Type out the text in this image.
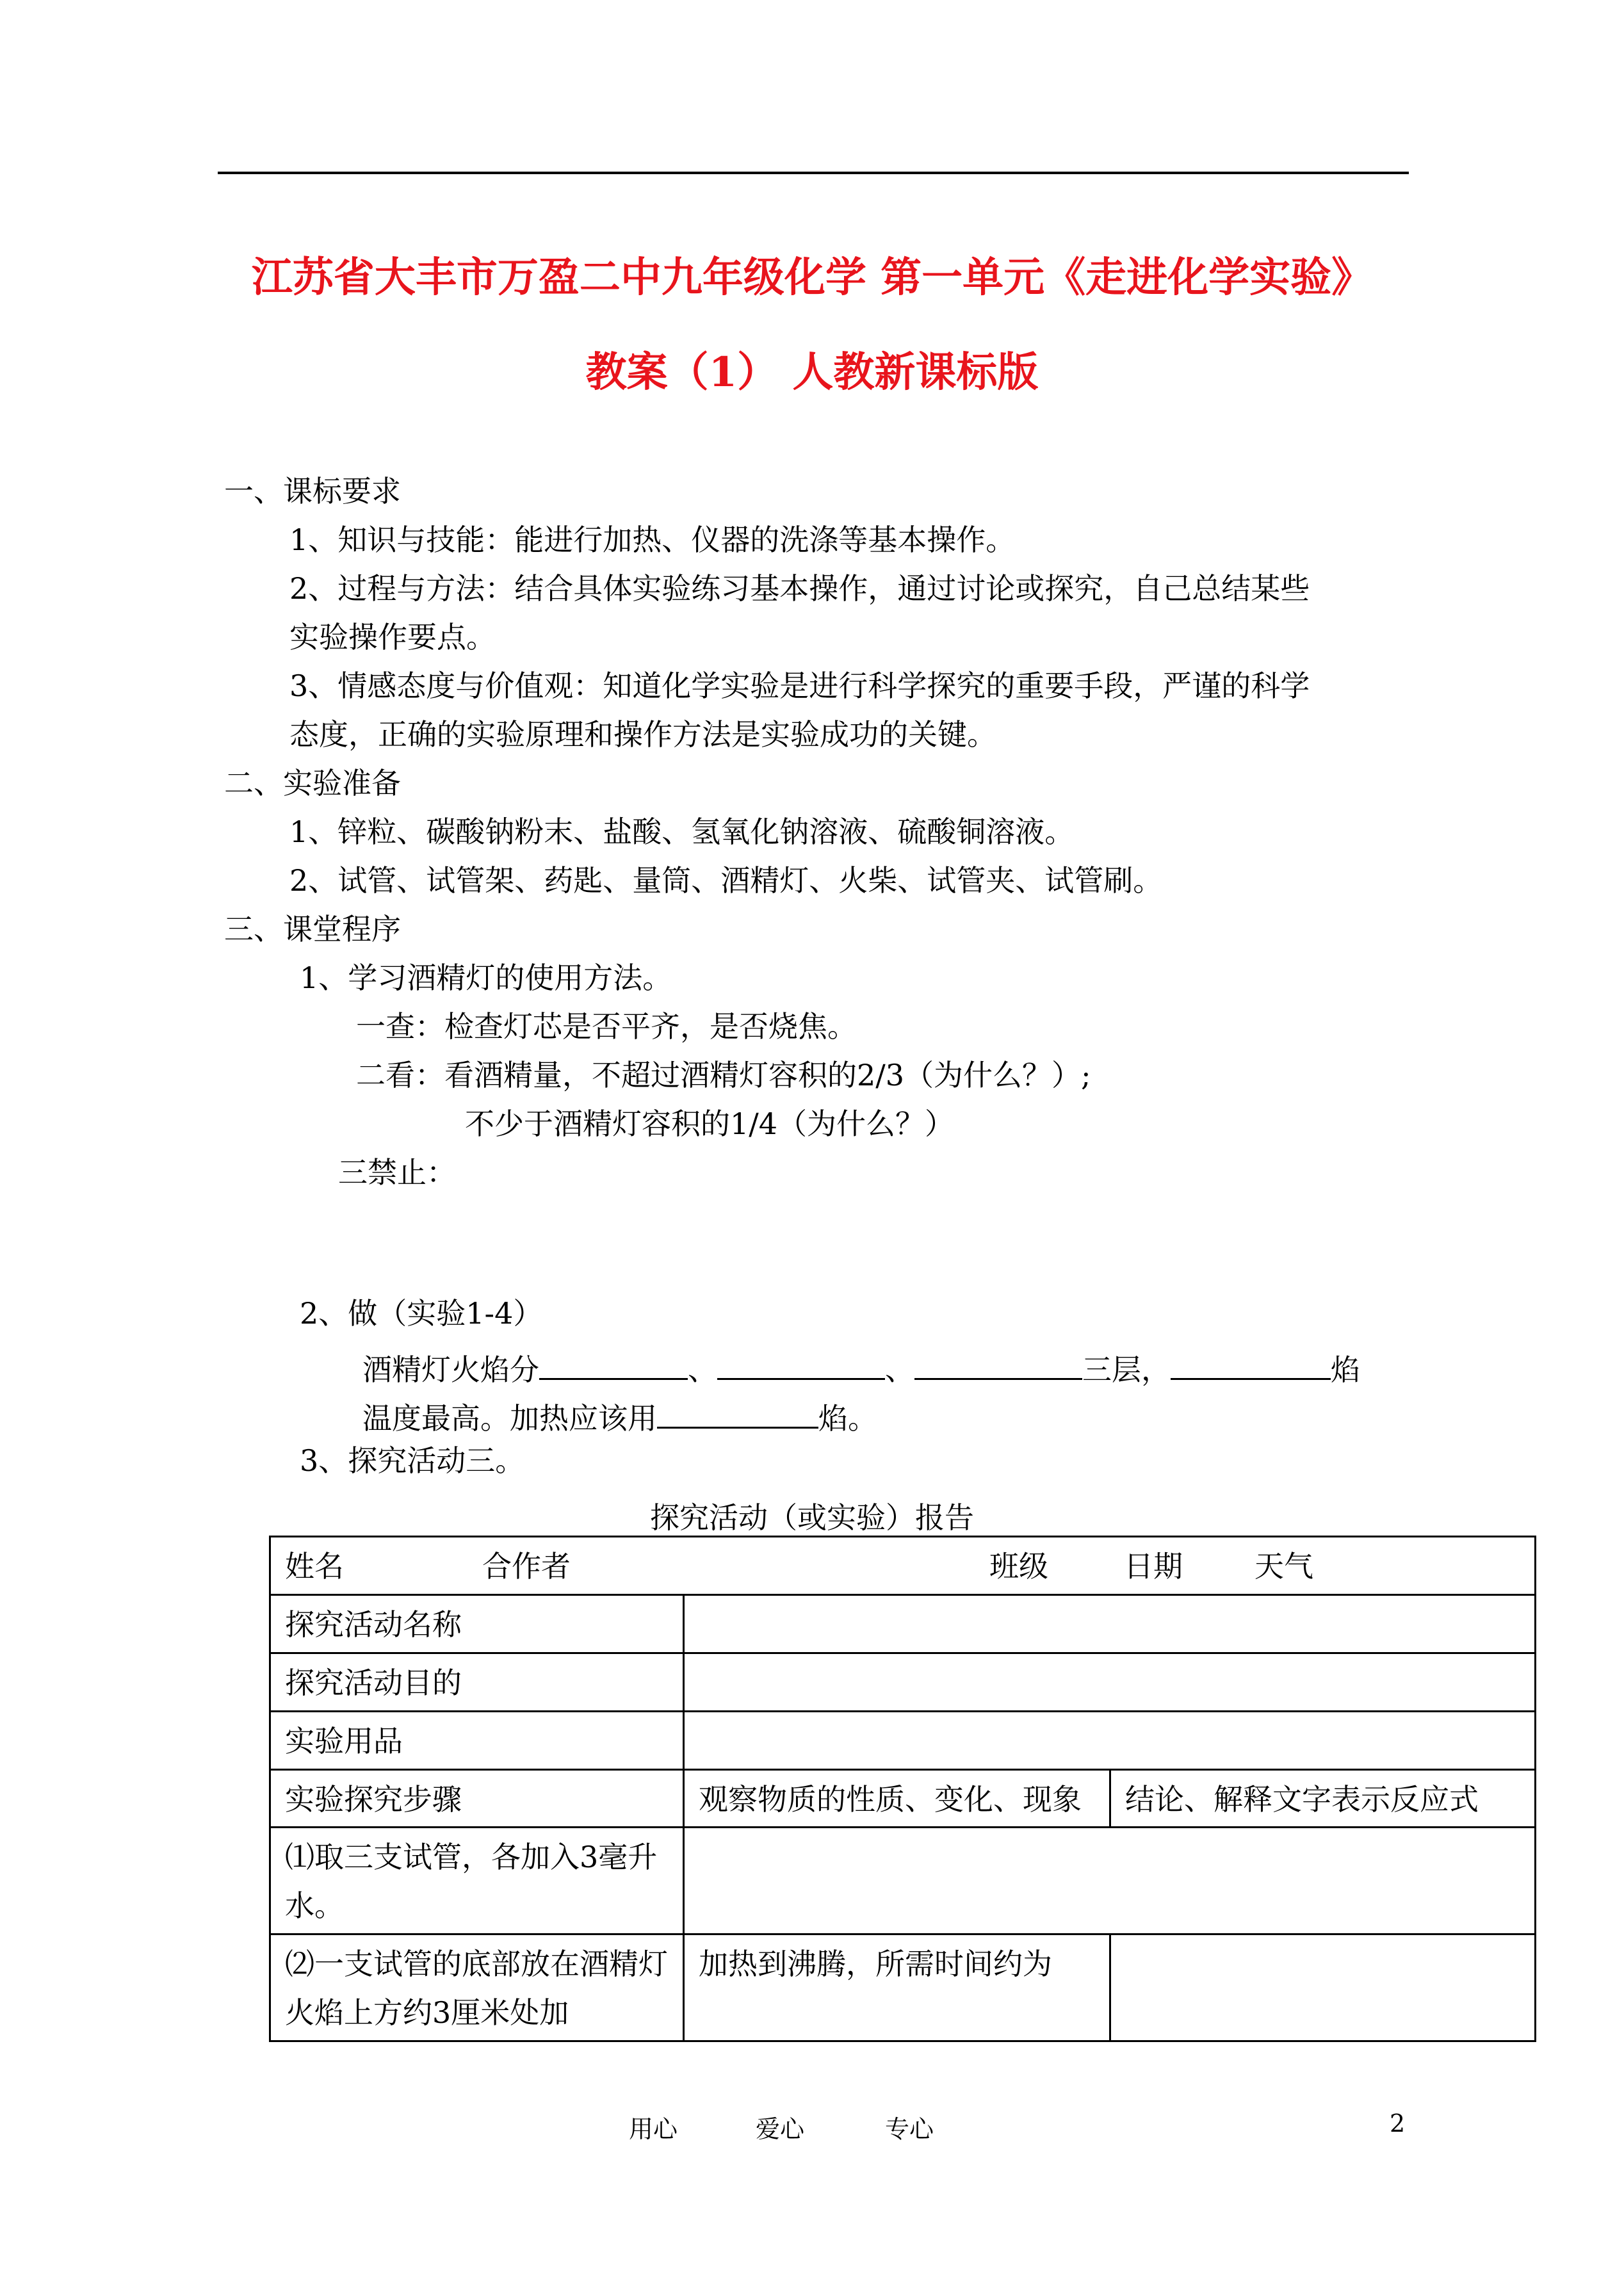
江苏省大丰市万盈二中九年级化学 第一单元《走进化学实验》
教案（1） 人教新课标版
一、课标要求
1、知识与技能：能进行加热、仪器的洗涤等基本操作。
2、过程与方法：结合具体实验练习基本操作，通过讨论或探究，自己总结某些
实验操作要点。
3、情感态度与价值观：知道化学实验是进行科学探究的重要手段，严谨的科学
态度，正确的实验原理和操作方法是实验成功的关键。
二、实验准备
1、锌粒、碳酸钠粉末、盐酸、氢氧化钠溶液、硫酸铜溶液。
2、试管、试管架、药匙、量筒、酒精灯、火柴、试管夹、试管刷。
三、课堂程序
1、学习酒精灯的使用方法。
一查：检查灯芯是否平齐，是否烧焦。
二看：看酒精量，不超过酒精灯容积的2/3（为什么？）;
不少于酒精灯容积的1/4（为什么？）
三禁止：
2、做（实验1-4）
酒精灯火焰分	、	、	三层，	焰
温度最高。加热应该用	焰。
3、探究活动三。
探究活动（或实验）报告
姓名 合作者 班级 日期 天气		
探究活动名称		
探究活动目的		
实验用品		
实验探究步骤	观察物质的性质、变化、现象	结论、解释文字表示反应式
⑴取三支试管，各加入3毫升水。		
⑵一支试管的底部放在酒精灯火焰上方约3厘米处加	加热到沸腾，所需时间约为	
用心	爱心	专心	2
